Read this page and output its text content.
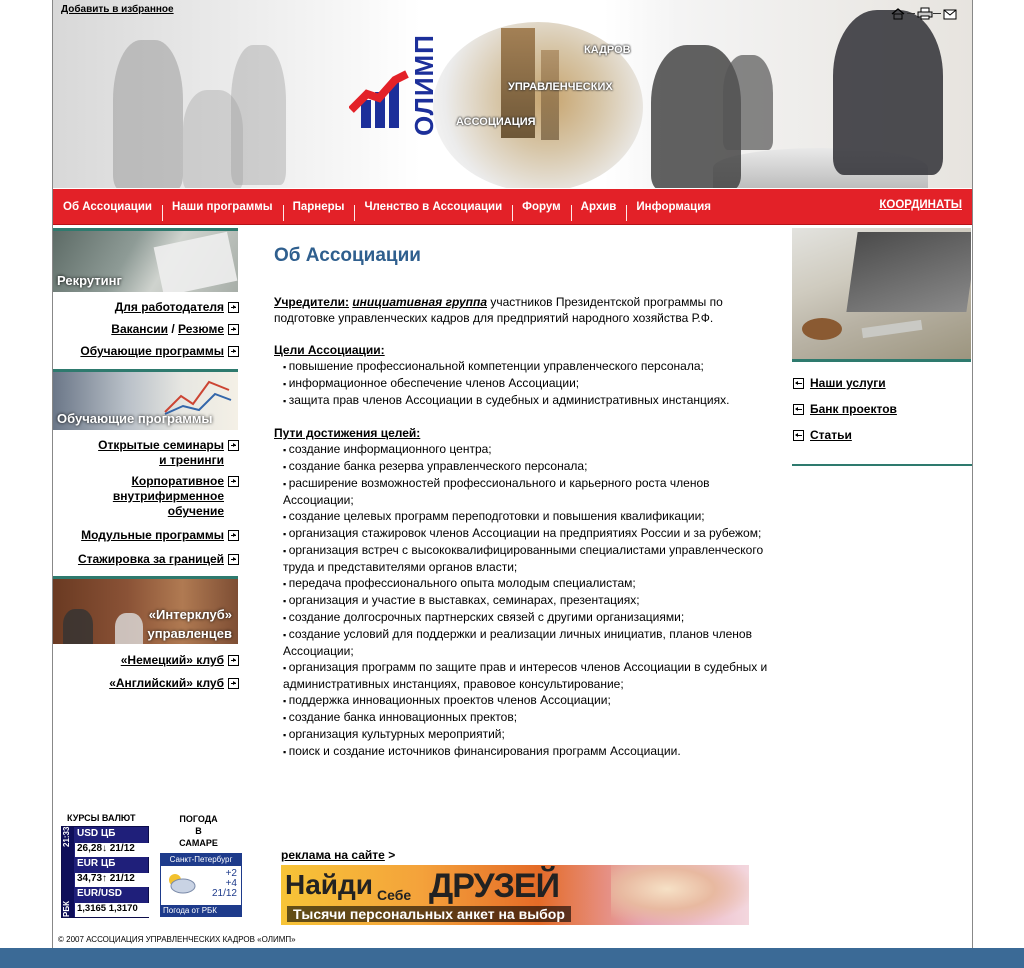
Добавить в избранное
ОЛИМП	КАДРОВ
УПРАВЛЕНЧЕСКИХ
АССОЦИАЦИЯ
Об Ассоциации	Наши программы	Парнеры	Членство в Ассоциации	Форум	Архив	Информация	КООРДИНАТЫ
Рекрутинг
Для работодателя
Вакансии / Резюме
Обучающие программы
Обучающие программы
Открытые семинары
и тренинги
Корпоративное
внутрифирменное
обучение
Модульные программы
Стажировка за границей
«Интерклуб»
управленцев
«Немецкий» клуб
«Английский» клуб
Об Ассоциации
Учредители: инициативная группа участников Президентской программы по подготовке управленческих кадров для предприятий народного хозяйства Р.Ф.
Цели Ассоциации:
▪ повышение профессиональной компетенции управленческого персонала;
▪ информационное обеспечение членов Ассоциации;
▪ защита прав членов Ассоциации в судебных и административных инстанциях.
Пути достижения целей:
▪ создание информационного центра;
▪ создание банка резерва управленческого персонала;
▪ расширение возможностей профессионального и карьерного роста членов Ассоциации;
▪ создание целевых программ переподготовки и повышения квалификации;
▪ организация стажировок членов Ассоциации на предприятиях России и за рубежом;
▪ организация встреч с высококвалифицированными специалистами управленческого труда и представителями органов власти;
▪ передача профессионального опыта молодым специалистам;
▪ организация и участие в выставках, семинарах, презентациях;
▪ создание долгосрочных партнерских связей с другими организациями;
▪ создание условий для поддержки и реализации личных инициатив, планов членов Ассоциации;
▪ организация программ по защите прав и интересов членов Ассоциации в судебных и административных инстанциях, правовое консультирование;
▪ поддержка инновационных проектов членов Ассоциации;
▪ создание банка инновационных пректов;
▪ организация культурных мероприятий;
▪ поиск и создание источников финансирования программ Ассоциации.
Наши услуги
Банк проектов
Статьи
КУРСЫ ВАЛЮТ
РБК
21:33 USD ЦБ
26,28↓ 21/12
EUR ЦБ
34,73↑ 21/12
EUR/USD
1,3165 1,3170
ПОГОДА
В
САМАРЕ
Санкт-Петербург
+2
+4
21/12
Погода от РБК
реклама на сайте >
Найди Себе ДРУЗЕЙ
Тысячи персональных анкет на выбор
© 2007 АССОЦИАЦИЯ УПРАВЛЕНЧЕСКИХ КАДРОВ «ОЛИМП»
